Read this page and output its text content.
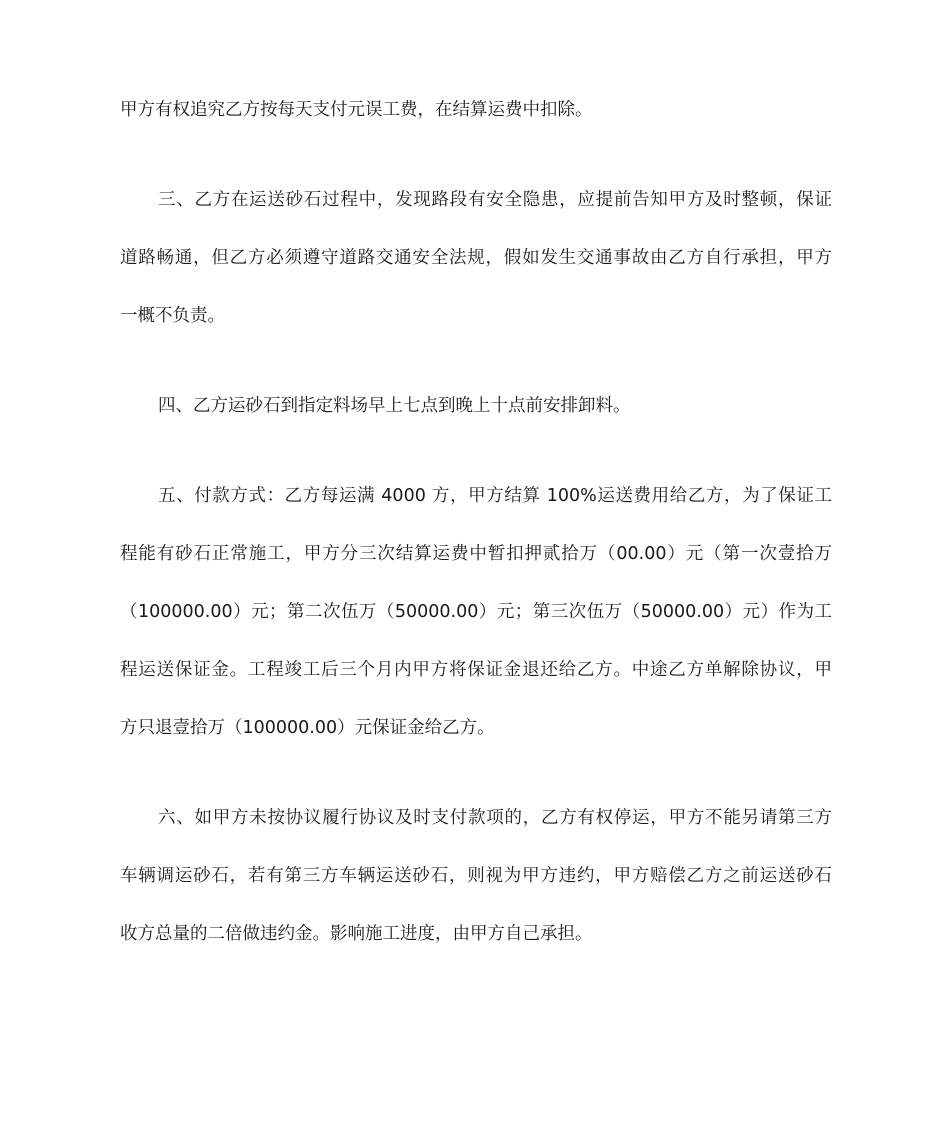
甲方有权追究乙方按每天支付元误工费，在结算运费中扣除。
三、乙方在运送砂石过程中，发现路段有安全隐患，应提前告知甲方及时整顿，保证
道路畅通，但乙方必须遵守道路交通安全法规，假如发生交通事故由乙方自行承担，甲方
一概不负责。
四、乙方运砂石到指定料场早上七点到晚上十点前安排卸料。
五、付款方式：乙方每运满 4000 方，甲方结算 100%运送费用给乙方，为了保证工
程能有砂石正常施工，甲方分三次结算运费中暂扣押贰拾万（00.00）元（第一次壹拾万
（100000.00）元；第二次伍万（50000.00）元；第三次伍万（50000.00）元）作为工
程运送保证金。工程竣工后三个月内甲方将保证金退还给乙方。中途乙方单解除协议，甲
方只退壹拾万（100000.00）元保证金给乙方。
六、如甲方未按协议履行协议及时支付款项的，乙方有权停运，甲方不能另请第三方
车辆调运砂石，若有第三方车辆运送砂石，则视为甲方违约，甲方赔偿乙方之前运送砂石
收方总量的二倍做违约金。影响施工进度，由甲方自己承担。
